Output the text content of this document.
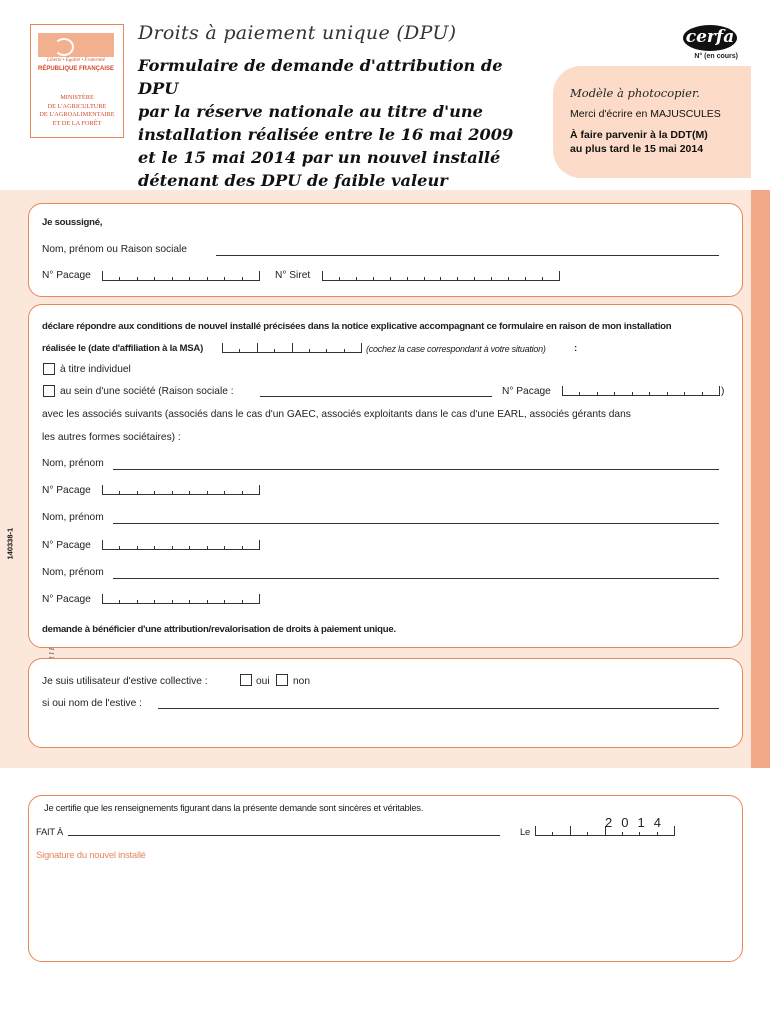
Liberté • Égalité • Fraternité
RÉPUBLIQUE FRANÇAISE
MINISTÈRE
DE L'AGRICULTURE
DE L'AGROALIMENTAIRE
ET DE LA FORÊT
Droits à paiement unique (DPU)
Formulaire de demande d'attribution de DPU
par la réserve nationale au titre d'une
installation réalisée entre le 16 mai 2009
et le 15 mai 2014 par un nouvel installé
détenant des DPU de faible valeur
cerfa
N° (en cours)
Modèle à photocopier.
Merci d'écrire en MAJUSCULES
À faire parvenir à la DDT(M)
au plus tard le 15 mai 2014
140338-1
Je soussigné,
Nom, prénom ou Raison sociale
N° Pacage	N° Siret
déclare répondre aux conditions de nouvel installé précisées dans la notice explicative accompagnant ce formulaire en raison de mon installation
réalisée le (date d'affiliation à la MSA)	(cochez la case correspondant à votre situation)	:
à titre individuel
au sein d'une société (Raison sociale :	N° Pacage	)
avec les associés suivants (associés dans le cas d'un GAEC, associés exploitants dans le cas d'une EARL, associés gérants dans
les autres formes sociétaires) :
Nom, prénom
N° Pacage
Nom, prénom
N° Pacage
Nom, prénom
N° Pacage
demande à bénéficier d'une attribution/revalorisation de droits à paiement unique.
Je suis utilisateur d'estive collective :	oui non
si oui nom de l'estive :
Je certifie que les renseignements figurant dans la présente demande sont sincères et véritables.
FAIT À	Le
2014
Signature du nouvel installé
